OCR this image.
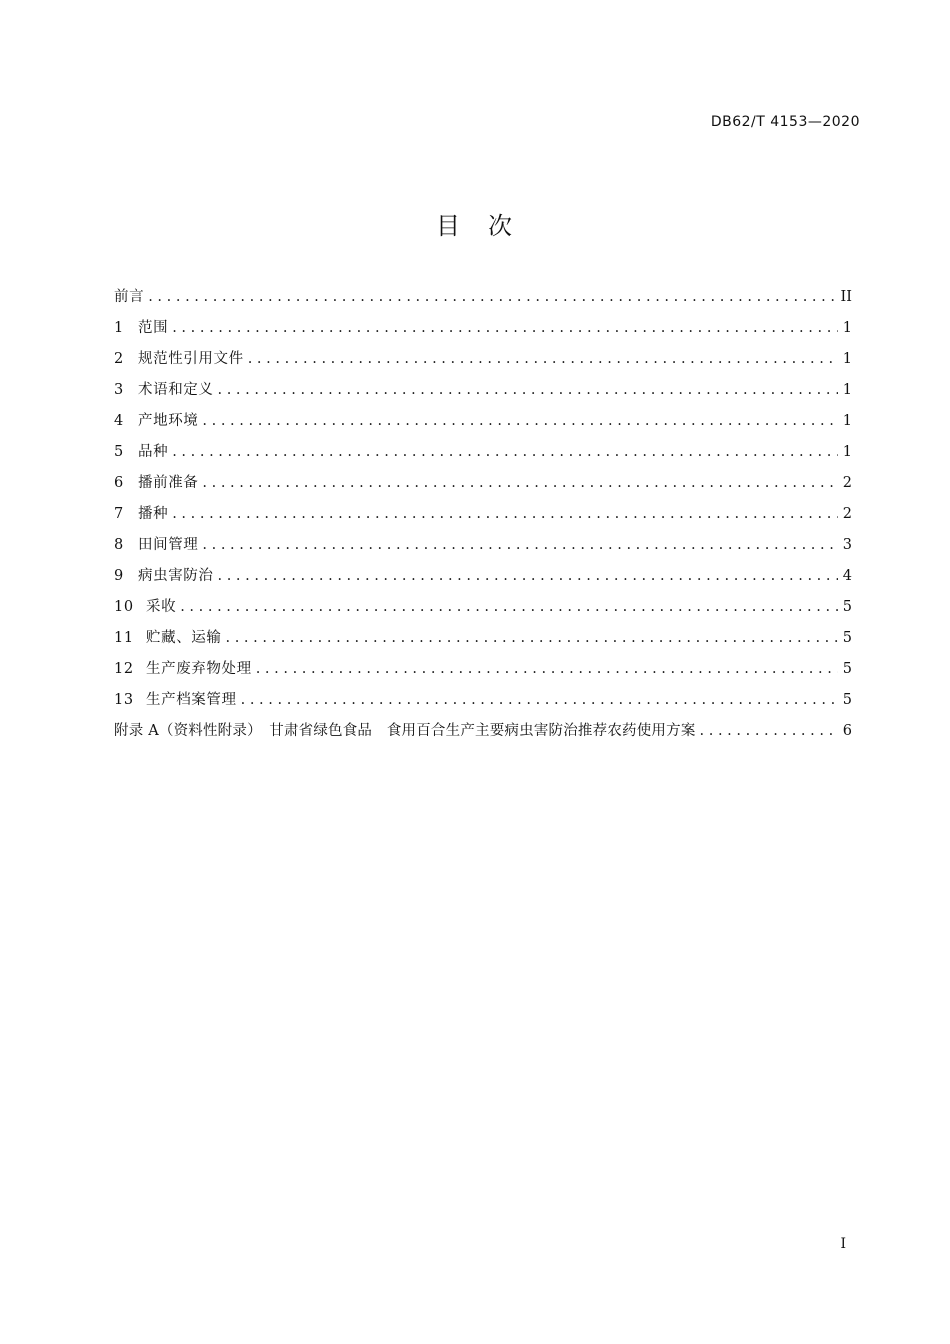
DB62/T 4153—2020
目　次
前言 . . .	II
1 范围 . . .	1
2 规范性引用文件 . . .	1
3 术语和定义 . . .	1
4 产地环境 . . .	1
5 品种 . . .	1
6 播前准备 . . .	2
7 播种 . . .	2
8 田间管理 . . .	3
9 病虫害防治 . . .	4
10 采收 . . .	5
11 贮藏、运输 . . .	5
12 生产废弃物处理 . . .	5
13 生产档案管理 . . .	5
附录 A（资料性附录）　甘肃省绿色食品　食用百合生产主要病虫害防治推荐农药使用方案 . . .	6
I
